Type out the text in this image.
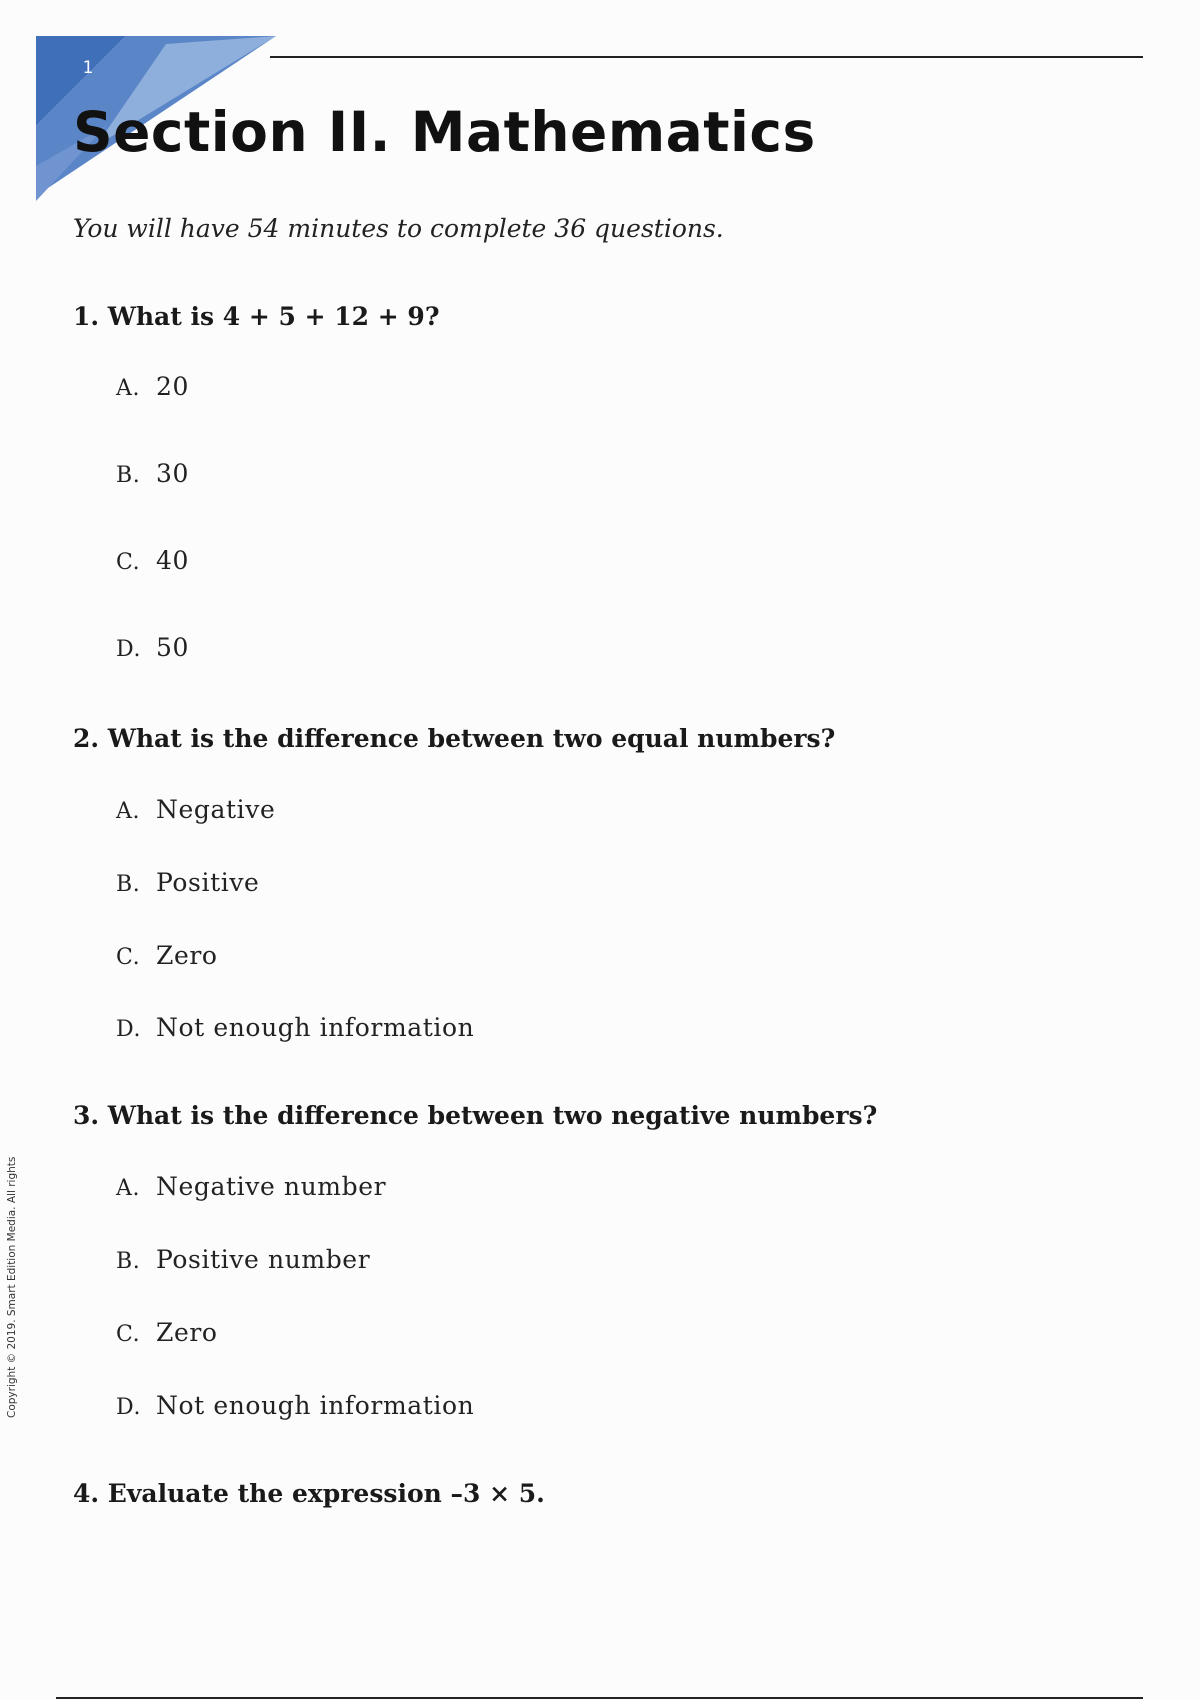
1
Section II. Mathematics

You will have 54 minutes to complete 36 questions.

1. What is 4 + 5 + 12 + 9?

A. 20

B. 30

C. 40

D. 50

2. What is the difference between two equal numbers?

A. Negative

B. Positive

C. Zero

D. Not enough information

3. What is the difference between two negative numbers?

A. Negative number

B. Positive number

C. Zero

D. Not enough information

4. Evaluate the expression –3 × 5.

Copyright © 2019. Smart Edition Media. All rights
